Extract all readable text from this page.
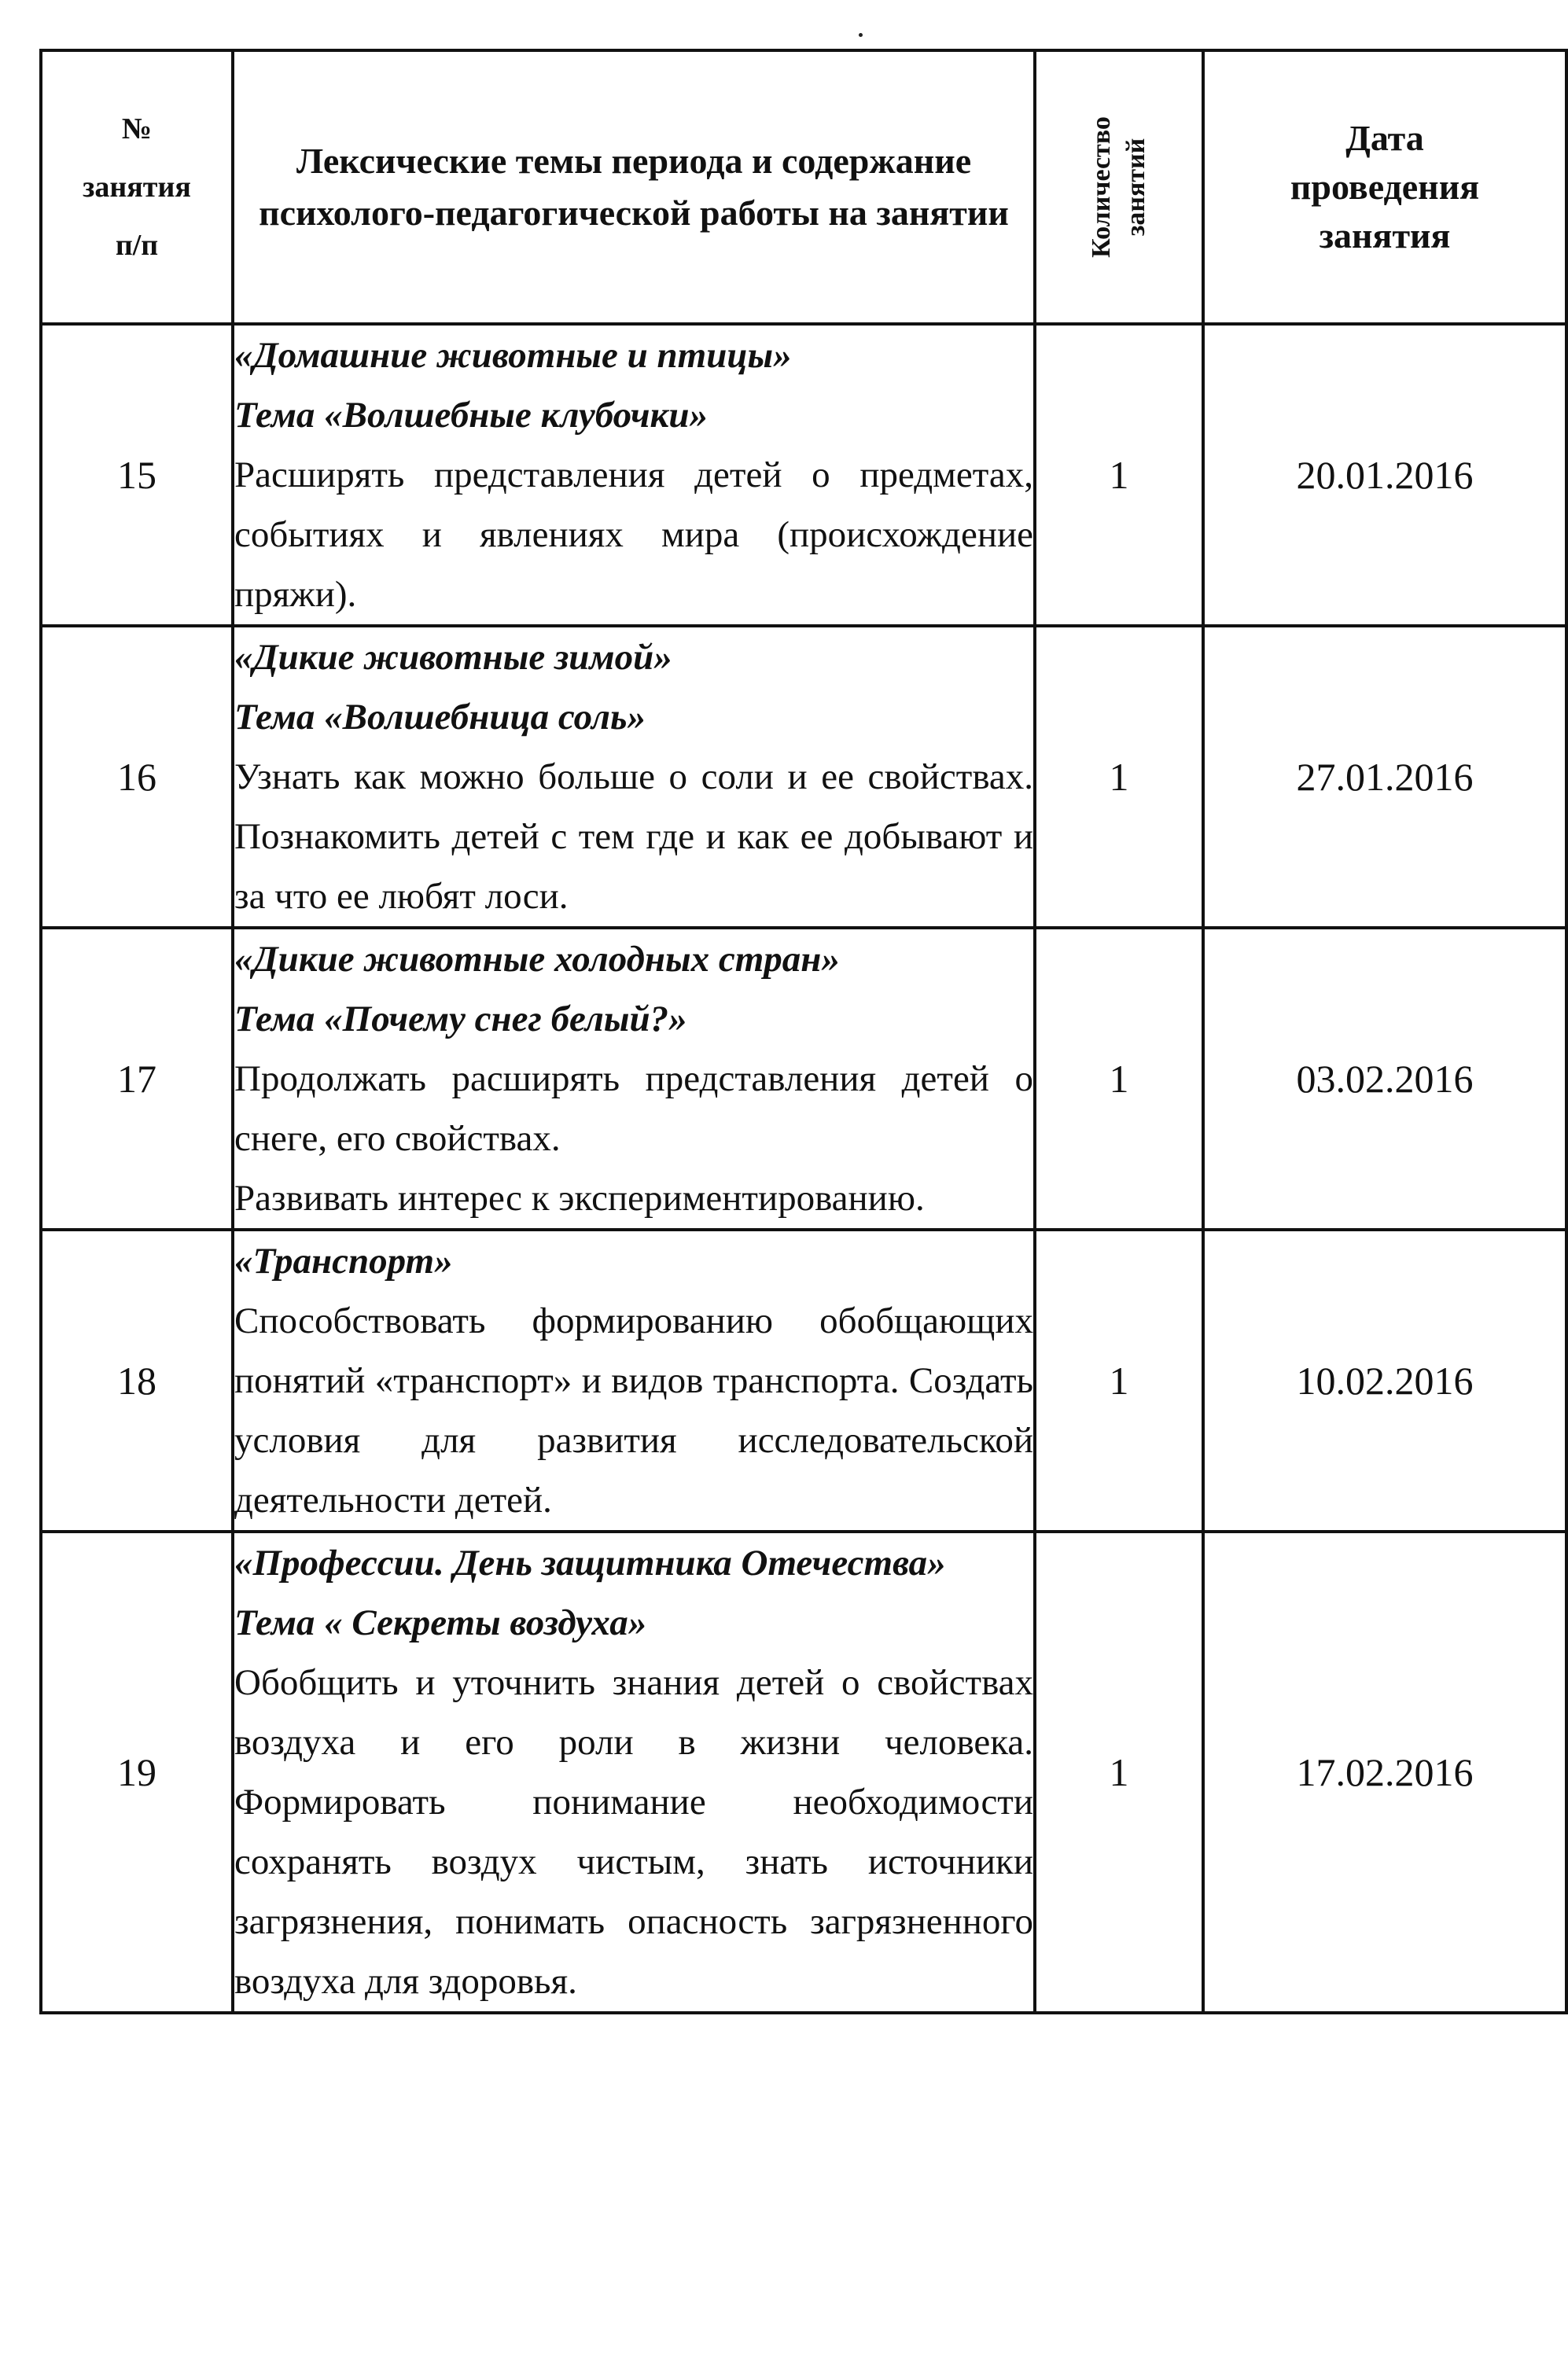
№
занятия
п/п	Лексические темы периода и содержание психолого-педагогической работы на занятии	Количество занятий	Дата
проведения
занятия

15	«Домашние животные и птицы»
Тема «Волшебные клубочки»

Расширять представления детей о предметах, событиях и явлениях мира (происхождение пряжи).	1	20.01.2016
16	«Дикие животные зимой»
Тема «Волшебница соль»

Узнать как можно больше о соли и ее свойствах. Познакомить детей с тем где и как ее добывают и за что ее любят лоси.	1	27.01.2016
17	«Дикие животные холодных стран»
Тема «Почему снег белый?»

Продолжать расширять представления детей о снеге, его свойствах.

Развивать интерес к экспериментированию.	1	03.02.2016
18	«Транспорт»

Способствовать формированию обобщающих понятий «транспорт» и видов транспорта. Создать условия для развития исследовательской деятельности детей.	1	10.02.2016
19	«Профессии. День защитника Отечества»
Тема « Секреты воздуха»

Обобщить и уточнить знания детей о свойствах воздуха и его роли в жизни человека. Формировать понимание необходимости сохранять воздух чистым, знать источники загрязнения, понимать опасность загрязненного воздуха для здоровья.	1	17.02.2016
